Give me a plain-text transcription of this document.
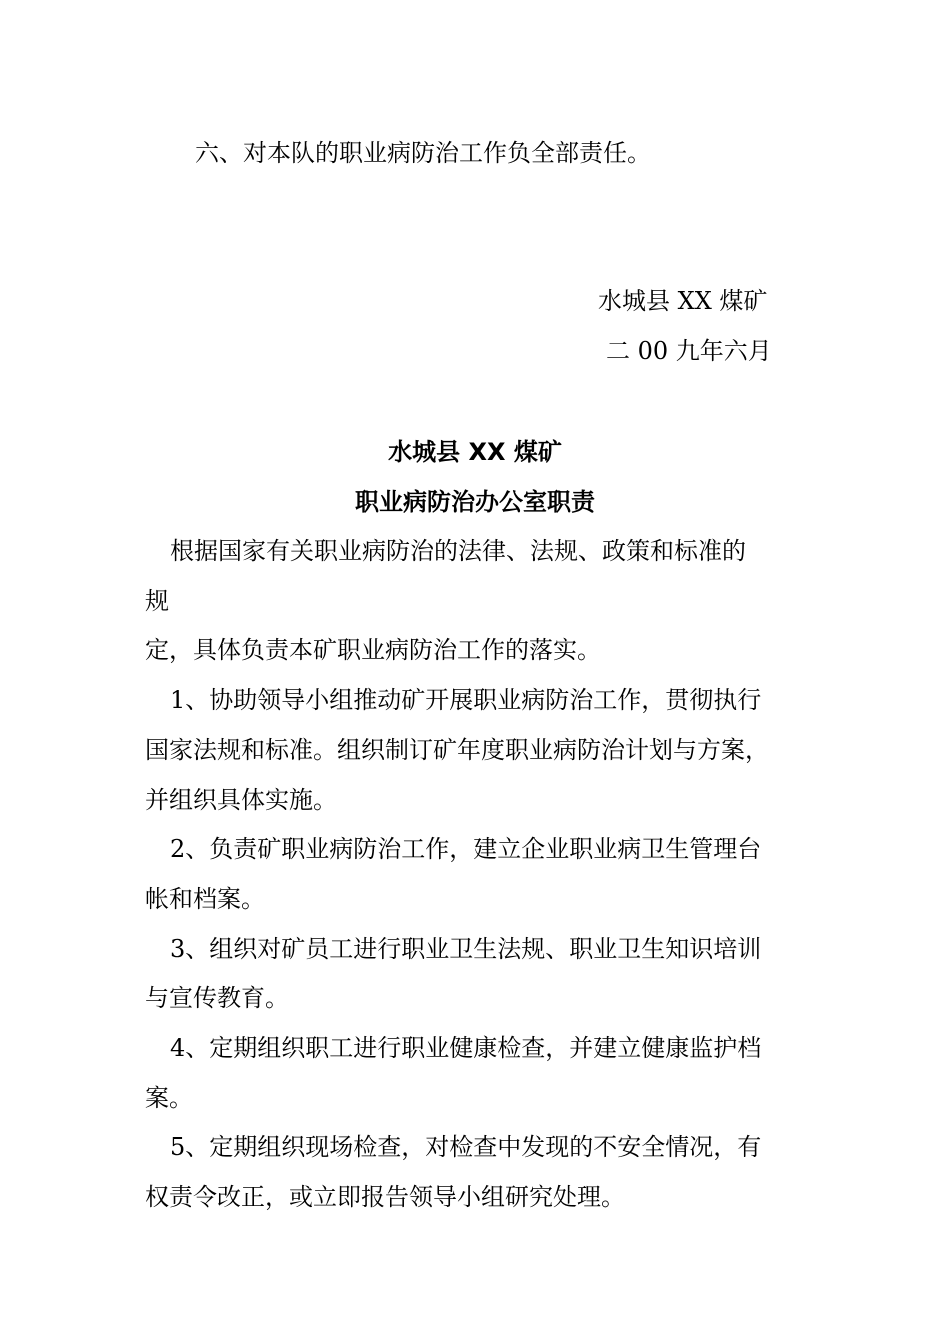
六、对本队的职业病防治工作负全部责任。

水城县 XX 煤矿

二 00 九年六月

水城县 XX 煤矿

职业病防治办公室职责

根据国家有关职业病防治的法律、法规、政策和标准的

规

定，具体负责本矿职业病防治工作的落实。

1、协助领导小组推动矿开展职业病防治工作，贯彻执行

国家法规和标准。组织制订矿年度职业病防治计划与方案，

并组织具体实施。

2、负责矿职业病防治工作，建立企业职业病卫生管理台

帐和档案。

3、组织对矿员工进行职业卫生法规、职业卫生知识培训

与宣传教育。

4、定期组织职工进行职业健康检查，并建立健康监护档

案。

5、定期组织现场检查，对检查中发现的不安全情况，有

权责令改正，或立即报告领导小组研究处理。
